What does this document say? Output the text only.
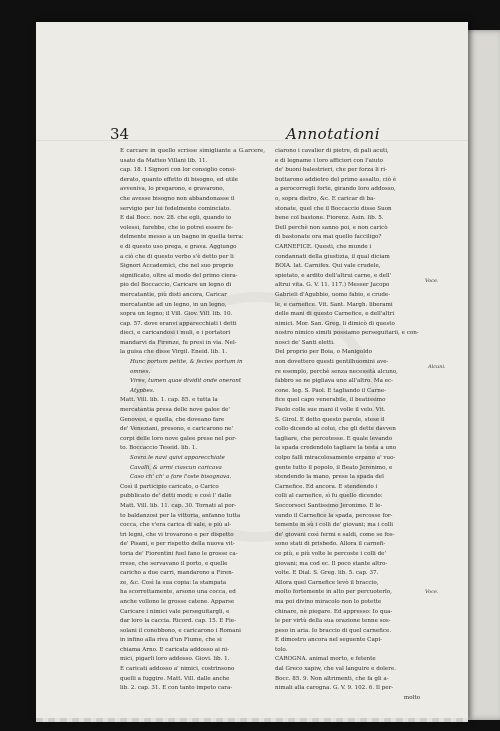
34	Annotationi

E carcare in quello scrisse simigliante a G.arcere, usato da Matteo Villani lib. 11.

cap. 18. I Signori con lor consiglio consi-

derato, quanto effetto di bisogno, ed utile

avveniva, lo pregarono, e gravarono,

che avesse bisogno non abbandonasse il

servigio per lui fedelmente cominciato.

E dal Bocc. nov. 28. che egli, quando io

volessi, farebbe, che io potrei essere fe-

delmente messo a un bagno in quella terra:

e di questo uso prega, e grava. Aggiungo

a ciò che di questo verbo s'è detto per li

Signori Accademici, che nel suo proprio

significato, oltre al modo del primo ciera-

pio del Boccaccio, Caricare un legno di

mercatantie, più disti ancora, Caricar

mercatantie ad un legno, in un legno,

sopra un legno; il Vill. Giov. Vill. lib. 10.

cap. 57. dove eranvi apparecchiati i detti

dieci, e caricandosi i muli, e i portatori

mandarvi da Firenze, fu presi in via. Nel-

la guisa che disse Virgil. Eneid. lib. 1.

Hunc portum petite, & fecies portum in

omnes.

Vires, tumen quae dividit onde onerant

Atypbes.

Matt. Vill. lib. 1. cap. 85. e tutta la

mercatantia presa delle nove galee de'

Genovesi, e quella, che doveano fare

de' Veneziani, presono, e caricarono ne'

corpi delle loro nove galee prese nel por-

to. Boccaccio Teseid. lib. 1.

Sovra le navi quivi apparecchiate

Cavalli, & armi ciascun caricava

Caso ch' ch' a fare l'oste bisognava.

Così il participio caricato, o Carico

pubblicato de' detti modi; e così l' dalle

Matt. Vill. lib. 11. cap. 30. Tornati al por-

to baldanzosi per la vittoria, anfanno tutta

cocca, che v'era carica di sale, e più al-

tri legni, che vi trovarono e per dispetto

de' Pisani, e per rispetto della nuova vit-

toria de' Fiorentini fuel fano le grosse ca-

rrese, che servavano il porto, e quelle

caricho a due carri, mandarono a Firen-

ze, &c. Così la sua copia: la stampata

ha scorrettamente, arsono una cocca, ed

anche vollono le grosse catene. Apparse

Caricare i nimici vale perseguitargli, e

dar loro la caccia. Ricord. cap. 15. E Fie-

solani il conobbono, e caricarono i Romani

in infino alla riva d'un Fiume, che si

chiama Arno. E caricata addosso ai ni-

mici, pigarli loro addosso. Giovi. lib. 1.

E caricati addosso a' nimici, costrinsono

quelli a fuggire. Matt. Vill. dalle anche

lib. 2. cap. 31. E con tanto impeto cara-

ciarono i cavalier di pietre, di pali acuti,

e di legname i loro afficiori con l'aiuto

de' buoni balestrieri, che per forza li ri-

buttarono addietro del primo assalto, ciò è

a perocorregli forte, girando loro addosso,

o, sopra dietro, &c. E caricar di ba-

stonate, quel che il Boccaccio disse Suon

bene col bastone. Fiorenz. Asin. lib. 5.

Dell perchè non sanno poi, e non caricò

di bastonate ora mai quello facciligo?

CARNEFICE. Questi, che munde i

condannati della giustizia, il qual diciam

BOIA. lat. Carnifex. Qui vale crudele,

spietato, e ardito dell'altrui carne, e dell'

altrui vita. G. V. 11. 117.) Messer Jacopo

Gabrieli d'Agubbio, uomo fabio, e crude-

le, e carnefice. Vit. Sant. Margh. liberami

delle mani di questo Carnefice, e dell'altri

nimici. Mor. San. Greg. li dimicò di questo

nostro nimico simiti possiamo perseguitarii, e con-

nosci de' Santi eletti.

Del proprio per Boia, o Manigoldo

non dovettero questi gentilhuomini ave-

re esemplo, perchè senza necessità alcuno,

fabbro se ne pigliava uno all'altro. Ma ec-

cone. Ieg. S. Paol. E tagliando il Carne-

fice quel capo venerabile, il beatissimo

Paolo colle sue mani il volle il velo. Vit.

S. Girol. E detto questo parole, stese il

collo dicendo al colui, che gli dette davven

tagliare, che percotesse. E quale levando

la spada credendolo tagliare la testa a uno

colpo fallì miracolosamente erpano a' vuo-

gente tutto il popolo, il Beato Jeronimo, e

stendendo la mano, prese la spada del

Carnefice. Ed ancora. E stendendo i

colli al carnefice, sì fu quello dicendo:

Soccorsoci Santissimo Jeronimo. E le-

vando il Carnefice la spada, percosse for-

temente in sù i colli de' giovani; ma i colli

de' giovani così fermi e saldi, come se fos-

sono stati di prisbedo. Allora il carnefi-

ce più, e più volte le percoste i colli de'

giovani; ma cod ec. Il poco stante altro-

volte. E Dial. S. Greg. lib. 5. cap. 37.

Allora quel Carnefice levò il braccio,

molto fortemente in alto per percuoterlo,

ma poi divino miracolo non lo potette

chinare, nè piegare. Ed appresso: Io qua-

le per virtù della sua orazione tenne sos-

peso in aria. Io braccio di quel carnefice.

E dimostro ancora nel seguente Capi-

tolo.

CAROGNA. animal morto, e fetente

dal Greco xapiw, che val languire e dolere.

Bocc. 85. 9. Non altrimenti, che fa gli a-

nimali alla carogna. G. V. 9. 102. 6. Il per-

molto

Voce.
Alcuni.
Voce.
